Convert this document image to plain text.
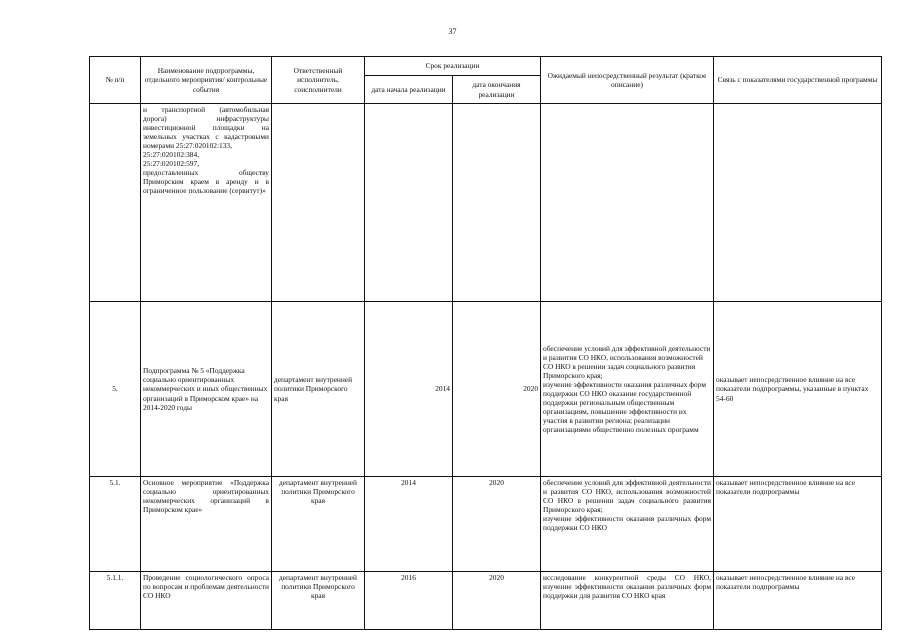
37
№ п/п	Наименование подпрограммы, отдельного мероприятия/ контрольные события	Ответственный исполнитель, соисполнители	Срок реализации		Ожидаемый непосредственный результат (краткое описание)	Связь с показателями государственной программы
			дата начала реализации	дата окончания реализации		
	и транспортной (автомобильная дорога) инфраструктуры инвестиционной площадки на земельных участках с кадастровыми номерами 25:27:020102:133,
25:27:020102:384,
25:27:020102:597,
предоставленных обществу Приморским краем в аренду и в ограниченное пользование (сервитут)»					
5.	Подпрограмма № 5 «Поддержка социально ориентированных некоммерческих и иных общественных организаций в Приморском крае» на 2014-2020 годы	департамент внутренней политики Приморского края	2014	2020	обеспечение условий для эффективной деятельности и развития СО НКО, использования возможностей СО НКО в решении задач социального развития Приморского края;
изучение эффективности оказания различных форм поддержки СО НКО оказание государственной поддержки региональным общественным организациям, повышение эффективности их участия в развитии региона; реализации организациями общественно полезных программ	оказывает непосредственное влияние на все показатели подпрограммы, указанные в пунктах 54-60
5.1.	Основное мероприятие «Поддержка социально ориентированных некоммерческих организаций в Приморском крае»	департамент внутренней политики Приморского края	2014	2020	обеспечение условий для эффективной деятельности и развития СО НКО, использования возможностей СО НКО в решении задач социального развития Приморского края;
изучение эффективности оказания различных форм поддержки СО НКО	оказывает непосредственное влияние на все показатели подпрограммы
5.1.1.	Проведение социологического опроса по вопросам и проблемам деятельности СО НКО	департамент внутренней политики Приморского края	2016	2020	исследование конкурентной среды СО НКО, изучение эффективности оказания различных форм поддержки для развития СО НКО края	оказывает непосредственное влияние на все показатели подпрограммы
